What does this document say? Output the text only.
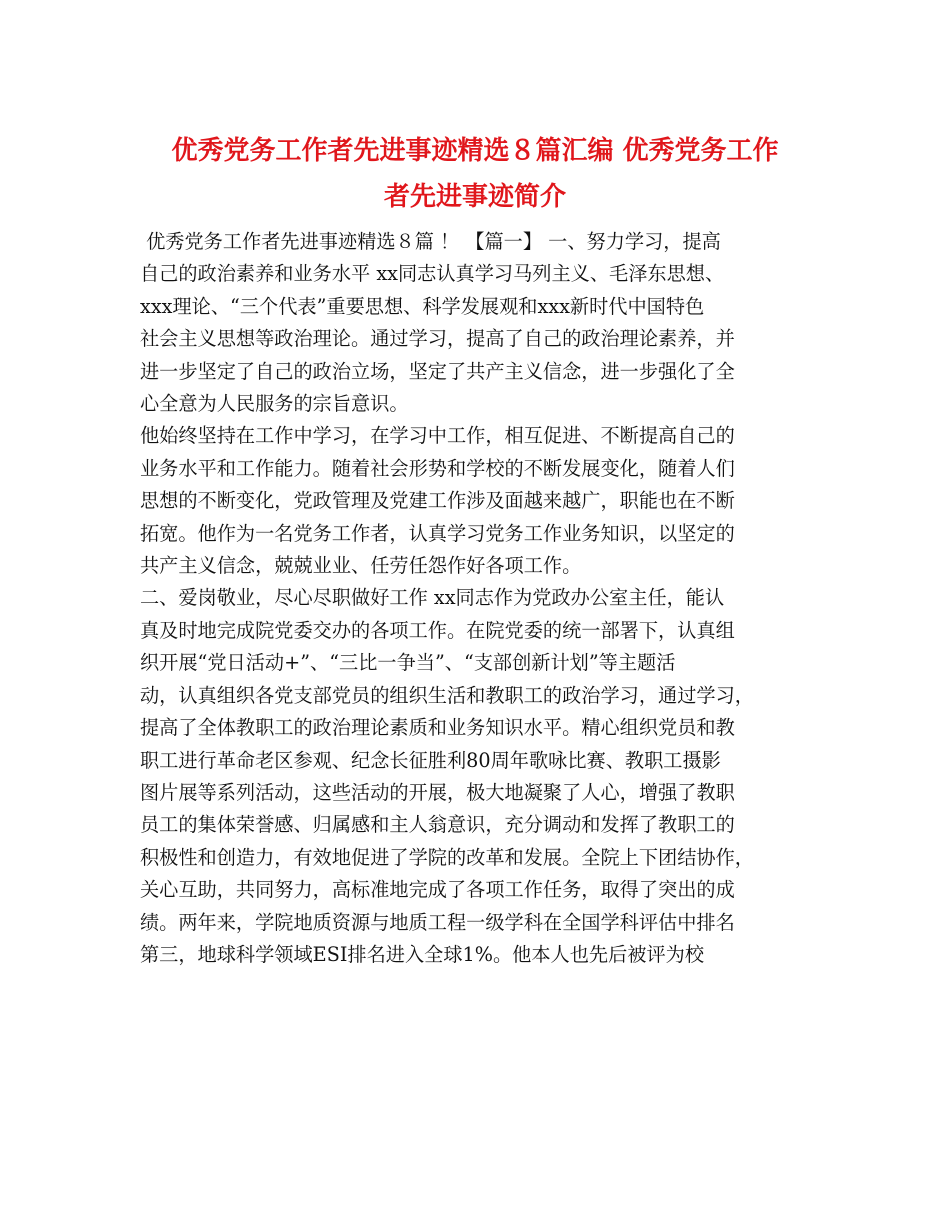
优秀党务工作者先进事迹精选８篇汇编 优秀党务工作
者先进事迹简介
优秀党务工作者先进事迹精选８篇 ！ 【篇一】 一、努力学习，提高
自己的政治素养和业务水平 xx同志认真学习马列主义、毛泽东思想、
xxx理论、“三个代表”重要思想、科学发展观和xxx新时代中国特色
社会主义思想等政治理论。通过学习，提高了自己的政治理论素养，并
进一步坚定了自己的政治立场，坚定了共产主义信念，进一步强化了全
心全意为人民服务的宗旨意识。
他始终坚持在工作中学习，在学习中工作，相互促进、不断提高自己的
业务水平和工作能力。随着社会形势和学校的不断发展变化，随着人们
思想的不断变化，党政管理及党建工作涉及面越来越广，职能也在不断
拓宽。他作为一名党务工作者，认真学习党务工作业务知识，以坚定的
共产主义信念，兢兢业业、任劳任怨作好各项工作。
二、爱岗敬业，尽心尽职做好工作 xx同志作为党政办公室主任，能认
真及时地完成院党委交办的各项工作。在院党委的统一部署下，认真组
织开展“党日活动+”、“三比一争当”、“支部创新计划”等主题活
动，认真组织各党支部党员的组织生活和教职工的政治学习，通过学习，
提高了全体教职工的政治理论素质和业务知识水平。精心组织党员和教
职工进行革命老区参观、纪念长征胜利80周年歌咏比赛、教职工摄影
图片展等系列活动，这些活动的开展，极大地凝聚了人心，增强了教职
员工的集体荣誉感、归属感和主人翁意识，充分调动和发挥了教职工的
积极性和创造力，有效地促进了学院的改革和发展。全院上下团结协作，
关心互助，共同努力，高标准地完成了各项工作任务，取得了突出的成
绩。两年来，学院地质资源与地质工程一级学科在全国学科评估中排名
第三，地球科学领域ESI排名进入全球1%。他本人也先后被评为校
